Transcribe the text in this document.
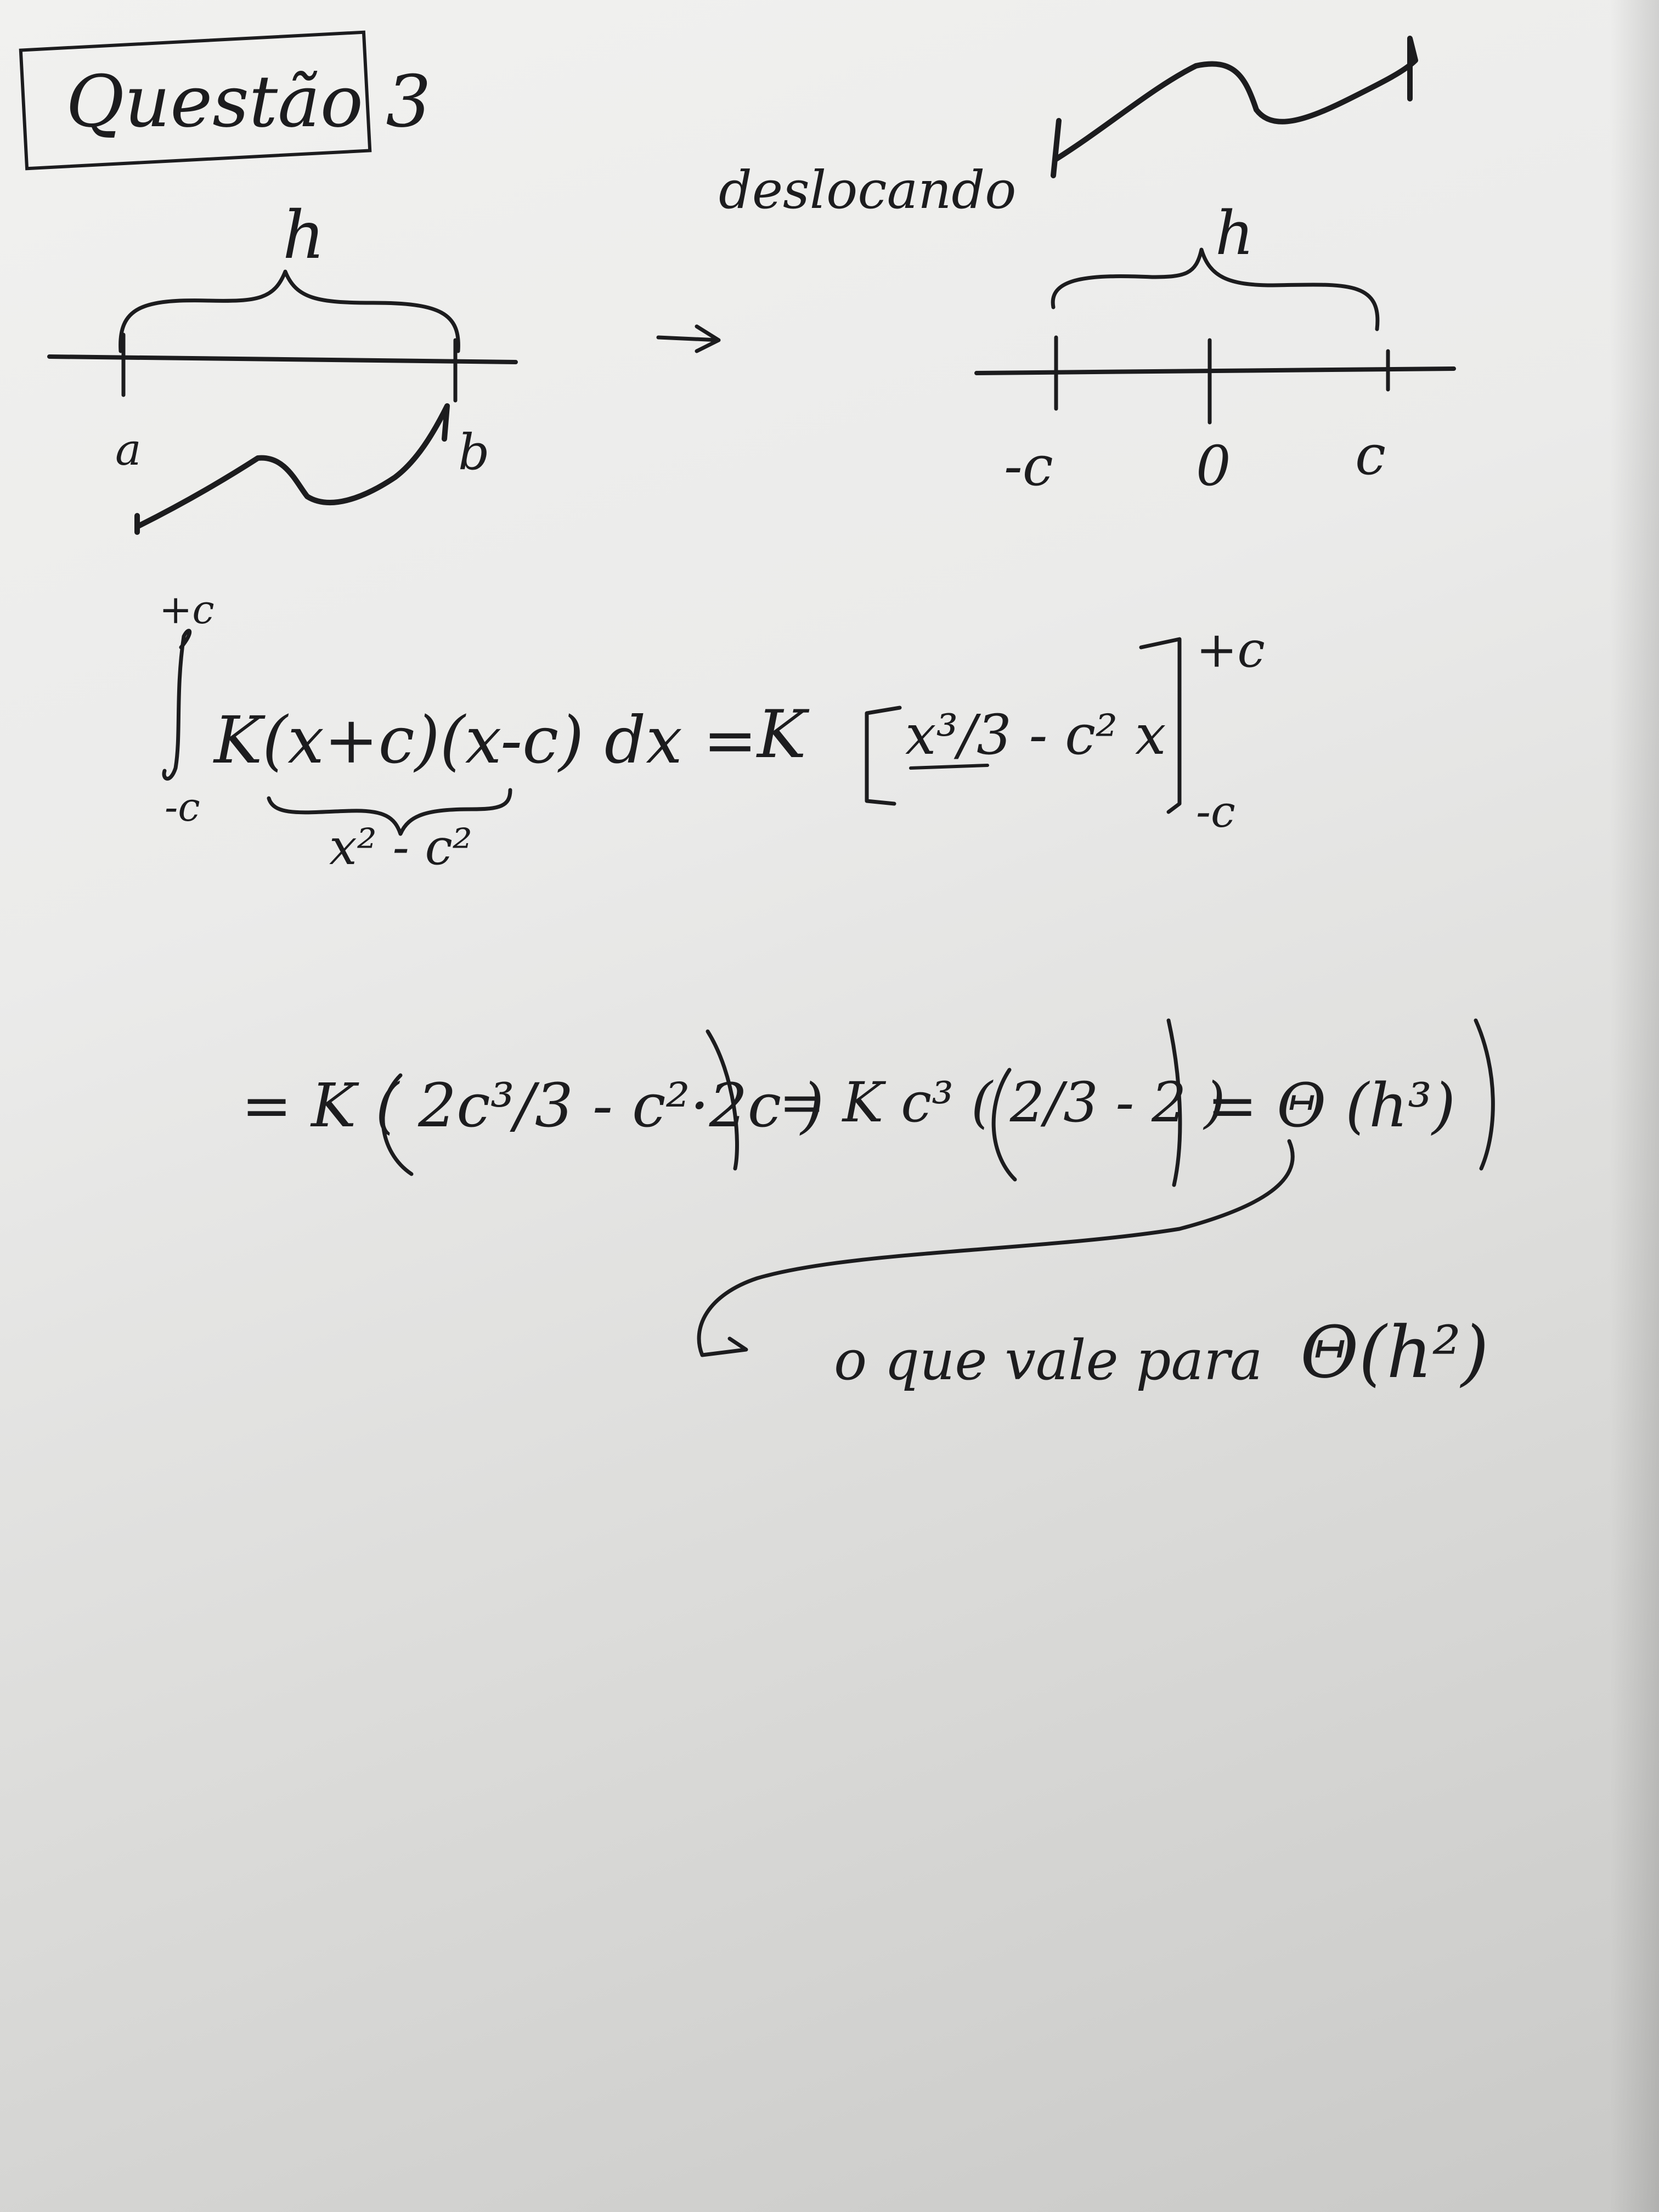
Questão 3
h
a	b
deslocando
h
-c	0 c
+c
-c
K(x+c)(x-c) dx =
x² - c²
K x³/3 - c² x
+c
-c
= K ( 2c³/3 - c²·2c )
= K c³ ( 2/3 - 2 )
= Θ (h³)
o que vale para Θ(h²)
